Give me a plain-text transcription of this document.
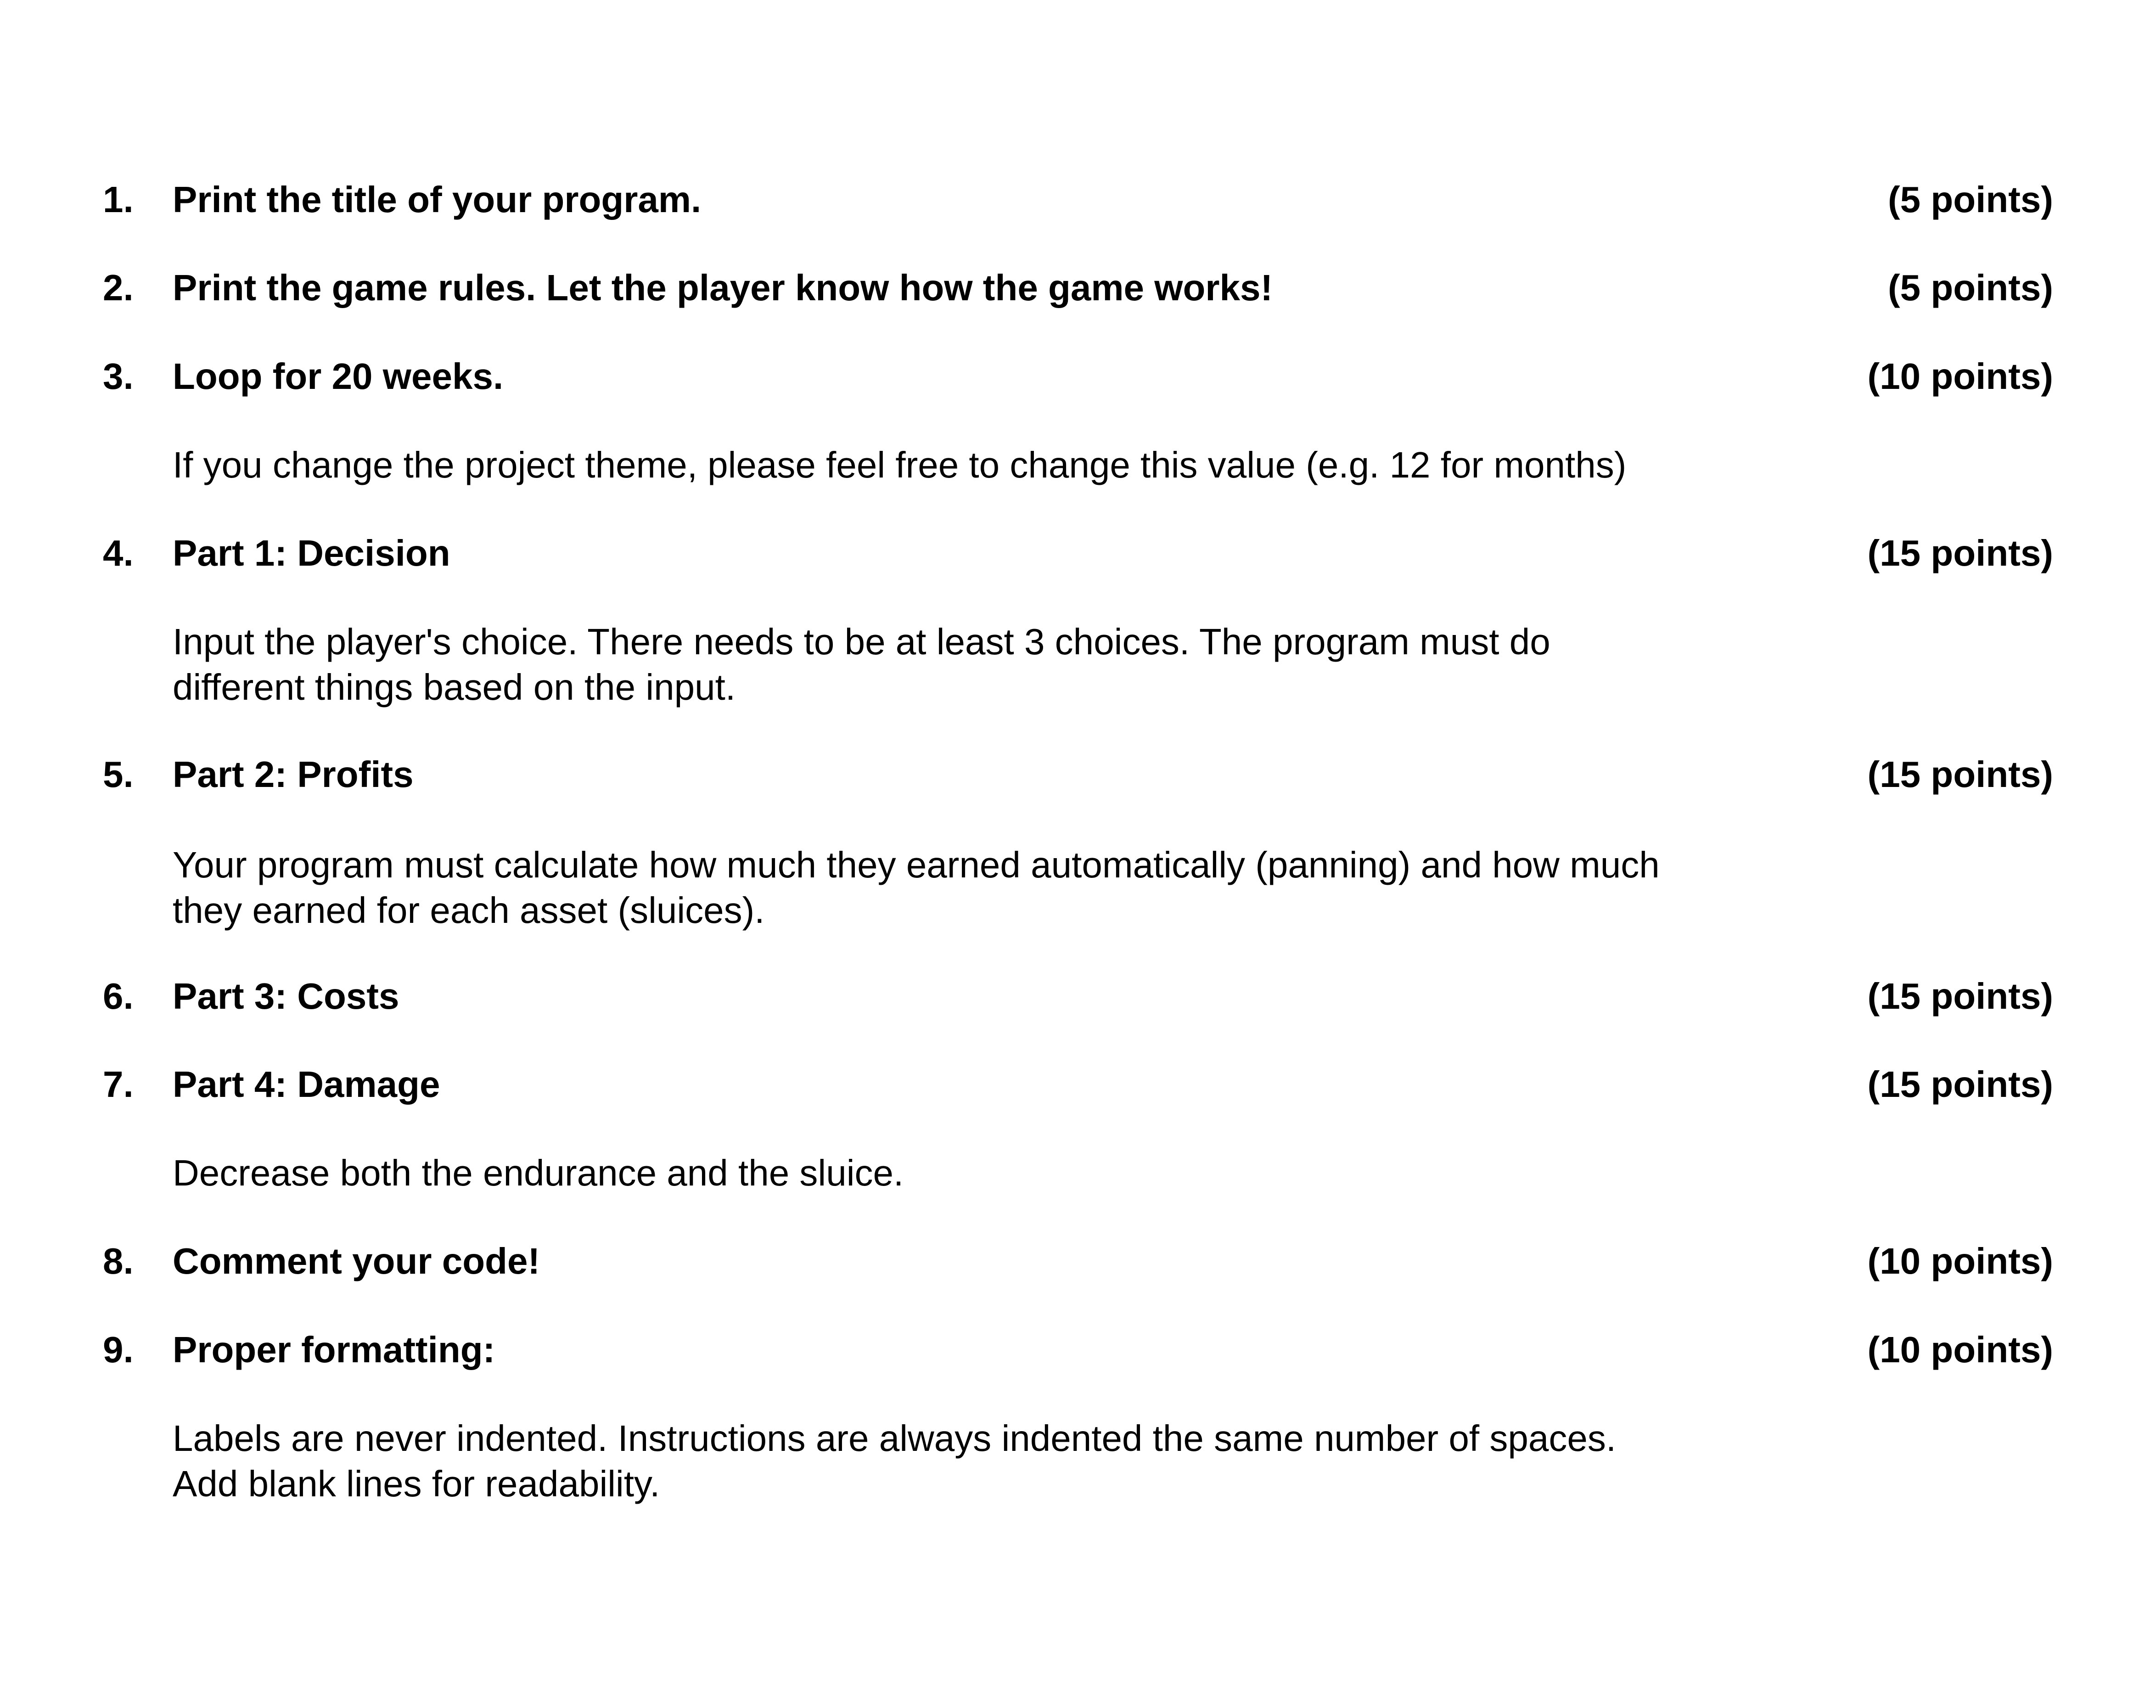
1. Print the title of your program.	(5 points)
2. Print the game rules. Let the player know how the game works!	(5 points)
3. Loop for 20 weeks.	(10 points)
If you change the project theme, please feel free to change this value (e.g. 12 for months)
4. Part 1: Decision	(15 points)
Input the player's choice. There needs to be at least 3 choices. The program must do
different things based on the input.
5. Part 2: Profits	(15 points)
Your program must calculate how much they earned automatically (panning) and how much
they earned for each asset (sluices).
6. Part 3: Costs	(15 points)
7. Part 4: Damage	(15 points)
Decrease both the endurance and the sluice.
8. Comment your code!	(10 points)
9. Proper formatting:	(10 points)
Labels are never indented. Instructions are always indented the same number of spaces.
Add blank lines for readability.
